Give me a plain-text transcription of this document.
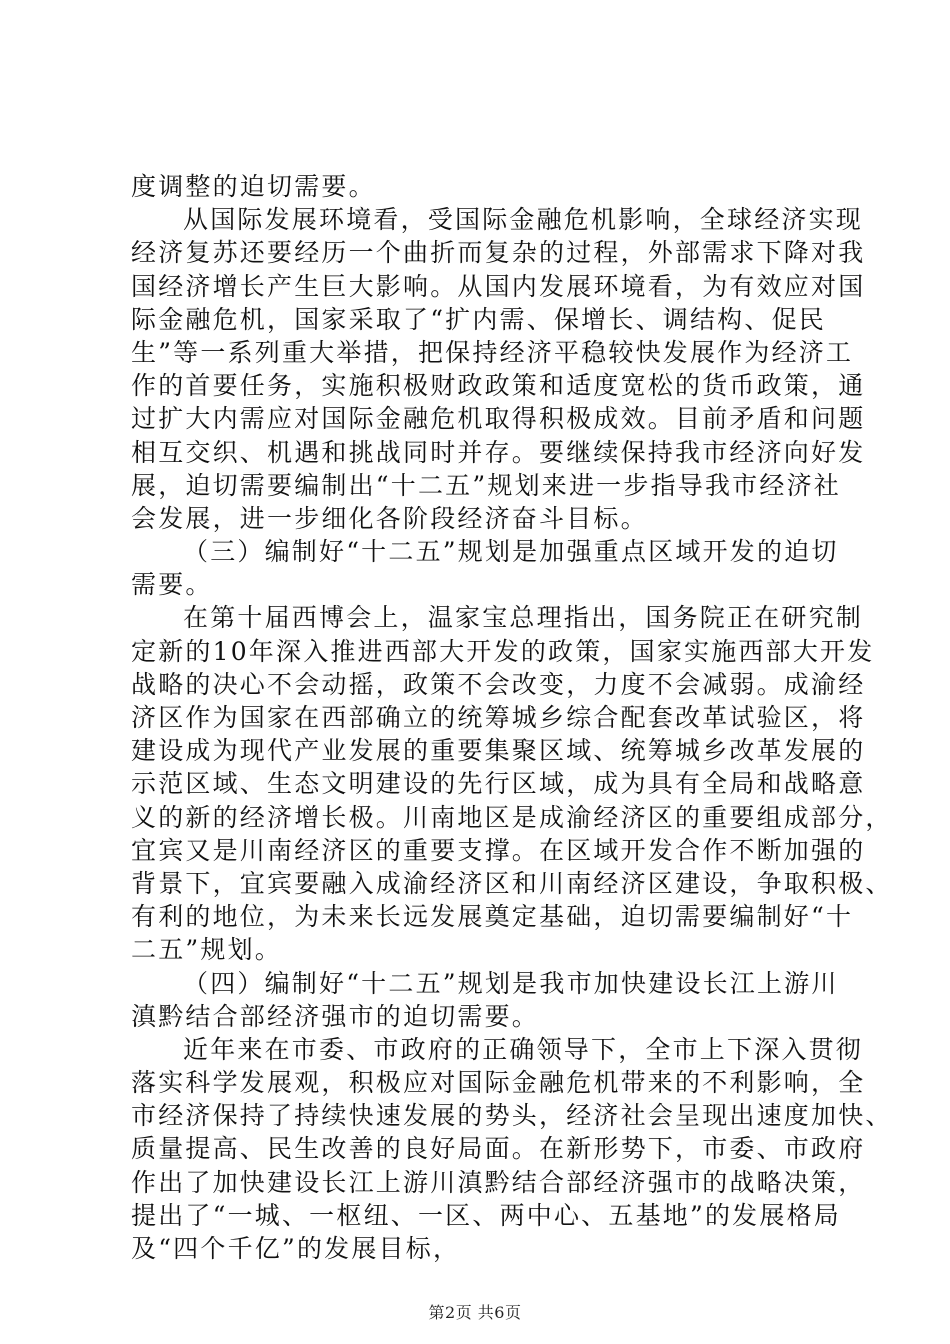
度调整的迫切需要。
从国际发展环境看，受国际金融危机影响，全球经济实现
经济复苏还要经历一个曲折而复杂的过程，外部需求下降对我
国经济增长产生巨大影响。从国内发展环境看，为有效应对国
际金融危机，国家采取了“扩内需、保增长、调结构、促民
生”等一系列重大举措，把保持经济平稳较快发展作为经济工
作的首要任务，实施积极财政政策和适度宽松的货币政策，通
过扩大内需应对国际金融危机取得积极成效。目前矛盾和问题
相互交织、机遇和挑战同时并存。要继续保持我市经济向好发
展，迫切需要编制出“十二五”规划来进一步指导我市经济社
会发展，进一步细化各阶段经济奋斗目标。
（三）编制好“十二五”规划是加强重点区域开发的迫切
需要。
在第十届西博会上，温家宝总理指出，国务院正在研究制
定新的10年深入推进西部大开发的政策，国家实施西部大开发
战略的决心不会动摇，政策不会改变，力度不会减弱。成渝经
济区作为国家在西部确立的统筹城乡综合配套改革试验区，将
建设成为现代产业发展的重要集聚区域、统筹城乡改革发展的
示范区域、生态文明建设的先行区域，成为具有全局和战略意
义的新的经济增长极。川南地区是成渝经济区的重要组成部分，
宜宾又是川南经济区的重要支撑。在区域开发合作不断加强的
背景下，宜宾要融入成渝经济区和川南经济区建设，争取积极、
有利的地位，为未来长远发展奠定基础，迫切需要编制好“十
二五”规划。
（四）编制好“十二五”规划是我市加快建设长江上游川
滇黔结合部经济强市的迫切需要。
近年来在市委、市政府的正确领导下，全市上下深入贯彻
落实科学发展观，积极应对国际金融危机带来的不利影响，全
市经济保持了持续快速发展的势头，经济社会呈现出速度加快、
质量提高、民生改善的良好局面。在新形势下，市委、市政府
作出了加快建设长江上游川滇黔结合部经济强市的战略决策，
提出了“一城、一枢纽、一区、两中心、五基地”的发展格局
及“四个千亿”的发展目标，
第2页 共6页
